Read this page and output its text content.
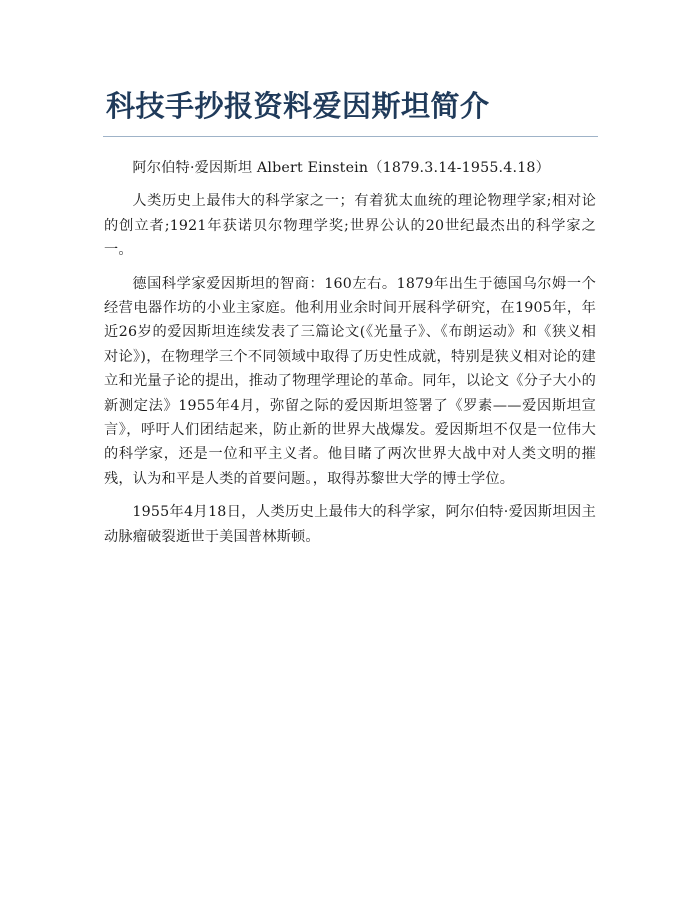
科技手抄报资料爱因斯坦简介

阿尔伯特·爱因斯坦 Albert Einstein（1879.3.14-1955.4.18）

人类历史上最伟大的科学家之一；有着犹太血统的理论物理学家;相对论的创立者;1921年获诺贝尔物理学奖;世界公认的20世纪最杰出的科学家之一。

德国科学家爱因斯坦的智商：160左右。1879年出生于德国乌尔姆一个经营电器作坊的小业主家庭。他利用业余时间开展科学研究，在1905年，年近26岁的爱因斯坦连续发表了三篇论文(《光量子》、《布朗运动》和《狭义相对论》)，在物理学三个不同领域中取得了历史性成就，特别是狭义相对论的建立和光量子论的提出，推动了物理学理论的革命。同年，以论文《分子大小的新测定法》1955年4月，弥留之际的爱因斯坦签署了《罗素——爱因斯坦宣言》，呼吁人们团结起来，防止新的世界大战爆发。爱因斯坦不仅是一位伟大的科学家，还是一位和平主义者。他目睹了两次世界大战中对人类文明的摧残，认为和平是人类的首要问题。，取得苏黎世大学的博士学位。

1955年4月18日，人类历史上最伟大的科学家，阿尔伯特·爱因斯坦因主动脉瘤破裂逝世于美国普林斯顿。
